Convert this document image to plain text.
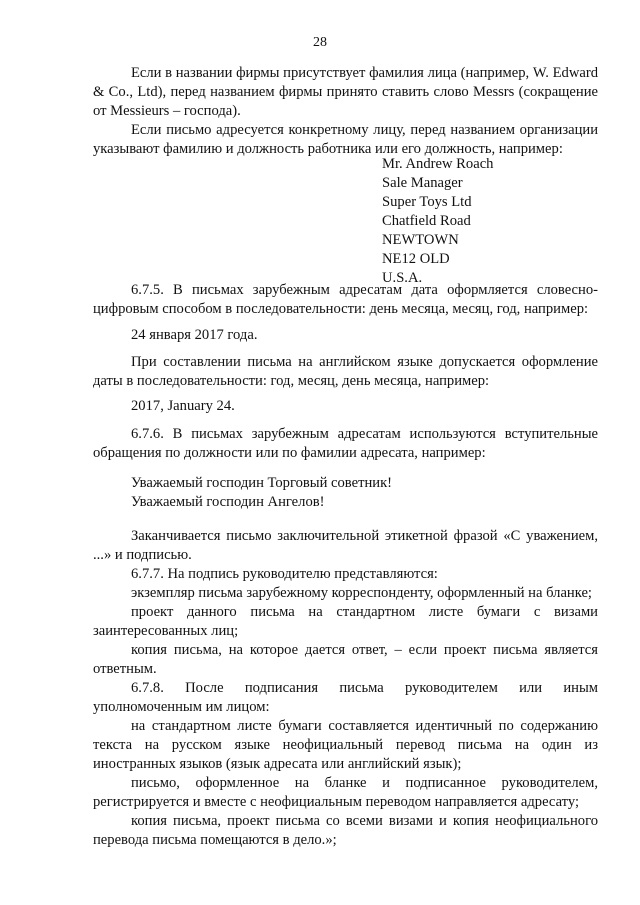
28

Если в названии фирмы присутствует фамилия лица (например, W. Edward & Co., Ltd), перед названием фирмы принято ставить слово Messrs (сокращение от Messieurs – господа).

Если письмо адресуется конкретному лицу, перед названием организации указывают фамилию и должность работника или его должность, например:

Mr. Andrew Roach
Sale Manager
Super Toys Ltd
Chatfield Road
NEWTOWN
NE12 OLD
U.S.A.

6.7.5. В письмах зарубежным адресатам дата оформляется словесно-цифровым способом в последовательности: день месяца, месяц, год, например:

24 января 2017 года.

При составлении письма на английском языке допускается оформление даты в последовательности: год, месяц, день месяца, например:

2017, January 24.

6.7.6. В письмах зарубежным адресатам используются вступительные обращения по должности или по фамилии адресата, например:

Уважаемый господин Торговый советник!

Уважаемый господин Ангелов!

Заканчивается письмо заключительной этикетной фразой «С уважением, ...» и подписью.

6.7.7. На подпись руководителю представляются:

экземпляр письма зарубежному корреспонденту, оформленный на бланке;

проект данного письма на стандартном листе бумаги с визами заинтересованных лиц;

копия письма, на которое дается ответ, – если проект письма является ответным.

6.7.8. После подписания письма руководителем или иным уполномоченным им лицом:

на стандартном листе бумаги составляется идентичный по содержанию текста на русском языке неофициальный перевод письма на один из иностранных языков (язык адресата или английский язык);

письмо, оформленное на бланке и подписанное руководителем, регистрируется и вместе с неофициальным переводом направляется адресату;

копия письма, проект письма со всеми визами и копия неофициального перевода письма помещаются в дело.»;
